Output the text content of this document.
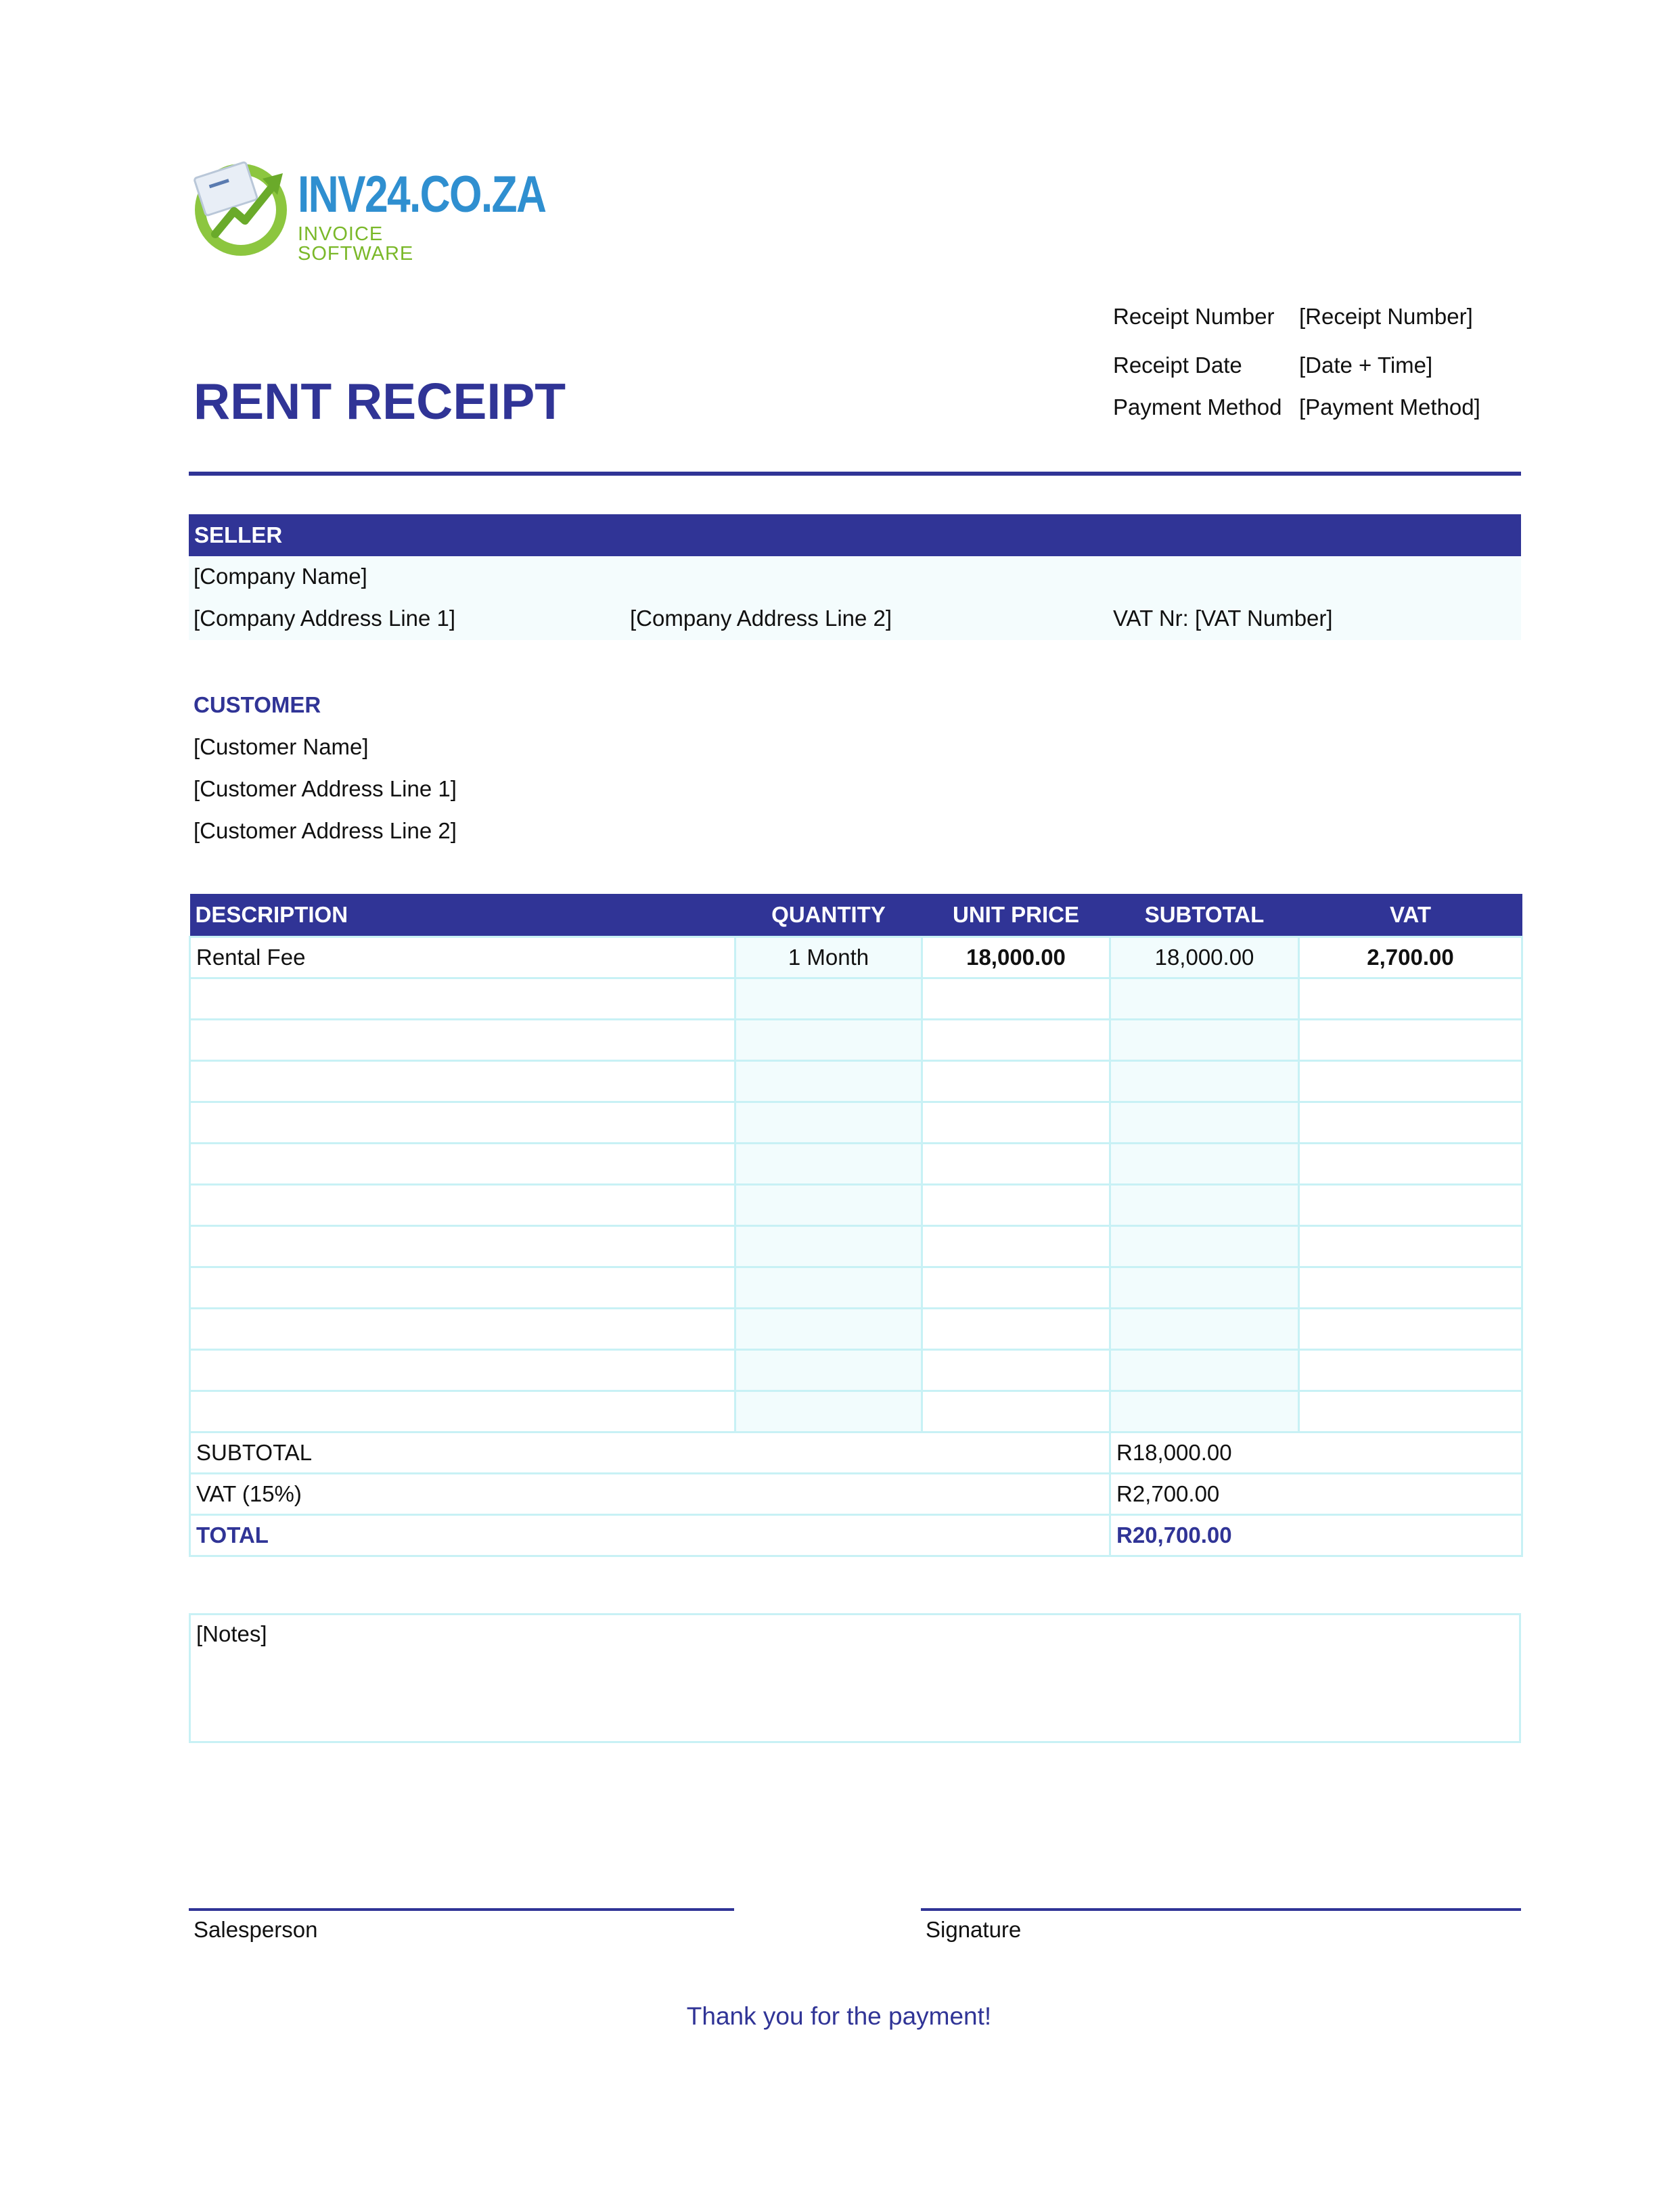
INV24.CO.ZA
INVOICE SOFTWARE
Receipt Number [Receipt Number]
Receipt Date	[Date + Time]
Payment Method [Payment Method]
RENT RECEIPT
SELLER
[Company Name]
[Company Address Line 1]	[Company Address Line 2]	VAT Nr: [VAT Number]
CUSTOMER
[Customer Name]
[Customer Address Line 1]
[Customer Address Line 2]
DESCRIPTION	QUANTITY	UNIT PRICE	SUBTOTAL	VAT
Rental Fee	1 Month	18,000.00	18,000.00	2,700.00

SUBTOTAL			R18,000.00	
VAT (15%)			R2,700.00	
TOTAL			R20,700.00	
[Notes]
Salesperson	Signature
Thank you for the payment!
